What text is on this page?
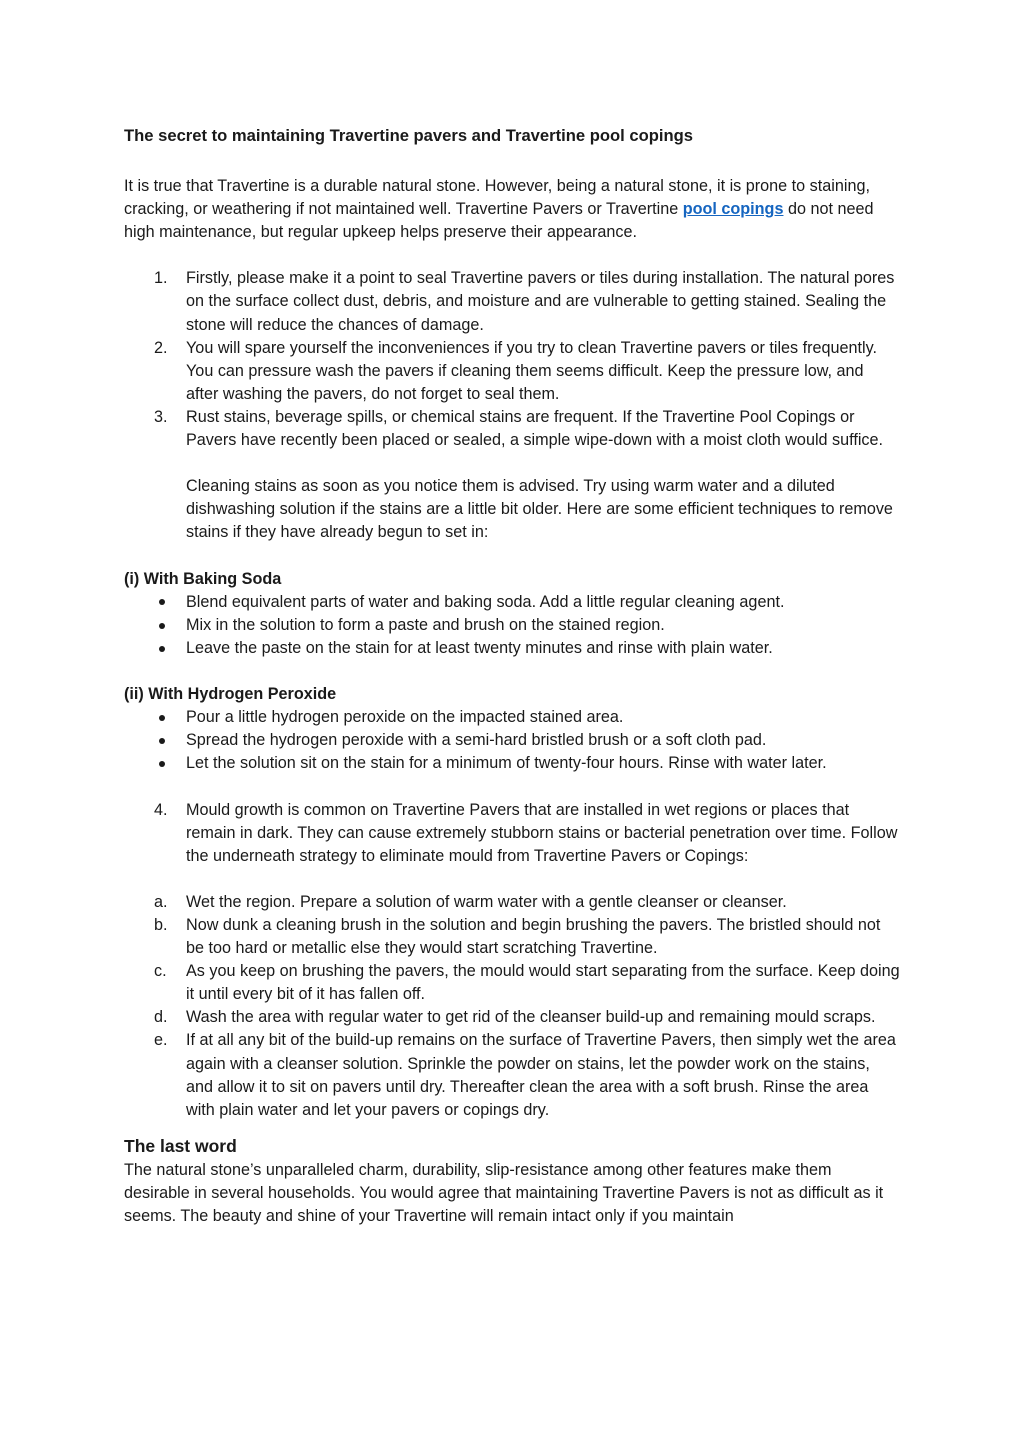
The secret to maintaining Travertine pavers and Travertine pool copings

It is true that Travertine is a durable natural stone. However, being a natural stone, it is prone to staining, cracking, or weathering if not maintained well. Travertine Pavers or Travertine pool copings do not need high maintenance, but regular upkeep helps preserve their appearance.

1. Firstly, please make it a point to seal Travertine pavers or tiles during installation. The natural pores on the surface collect dust, debris, and moisture and are vulnerable to getting stained. Sealing the stone will reduce the chances of damage.
2. You will spare yourself the inconveniences if you try to clean Travertine pavers or tiles frequently. You can pressure wash the pavers if cleaning them seems difficult. Keep the pressure low, and after washing the pavers, do not forget to seal them.
3. Rust stains, beverage spills, or chemical stains are frequent. If the Travertine Pool Copings or Pavers have recently been placed or sealed, a simple wipe-down with a moist cloth would suffice.

Cleaning stains as soon as you notice them is advised. Try using warm water and a diluted dishwashing solution if the stains are a little bit older. Here are some efficient techniques to remove stains if they have already begun to set in:

(i) With Baking Soda

Blend equivalent parts of water and baking soda. Add a little regular cleaning agent.
Mix in the solution to form a paste and brush on the stained region.
Leave the paste on the stain for at least twenty minutes and rinse with plain water.

(ii) With Hydrogen Peroxide

Pour a little hydrogen peroxide on the impacted stained area.
Spread the hydrogen peroxide with a semi-hard bristled brush or a soft cloth pad.
Let the solution sit on the stain for a minimum of twenty-four hours. Rinse with water later.
4. Mould growth is common on Travertine Pavers that are installed in wet regions or places that remain in dark. They can cause extremely stubborn stains or bacterial penetration over time. Follow the underneath strategy to eliminate mould from Travertine Pavers or Copings:
a. Wet the region. Prepare a solution of warm water with a gentle cleanser or cleanser.
b. Now dunk a cleaning brush in the solution and begin brushing the pavers. The bristled should not be too hard or metallic else they would start scratching Travertine.
c. As you keep on brushing the pavers, the mould would start separating from the surface. Keep doing it until every bit of it has fallen off.
d. Wash the area with regular water to get rid of the cleanser build-up and remaining mould scraps.
e. If at all any bit of the build-up remains on the surface of Travertine Pavers, then simply wet the area again with a cleanser solution. Sprinkle the powder on stains, let the powder work on the stains, and allow it to sit on pavers until dry. Thereafter clean the area with a soft brush. Rinse the area with plain water and let your pavers or copings dry.

The last word

The natural stone’s unparalleled charm, durability, slip-resistance among other features make them desirable in several households. You would agree that maintaining Travertine Pavers is not as difficult as it seems. The beauty and shine of your Travertine will remain intact only if you maintain
